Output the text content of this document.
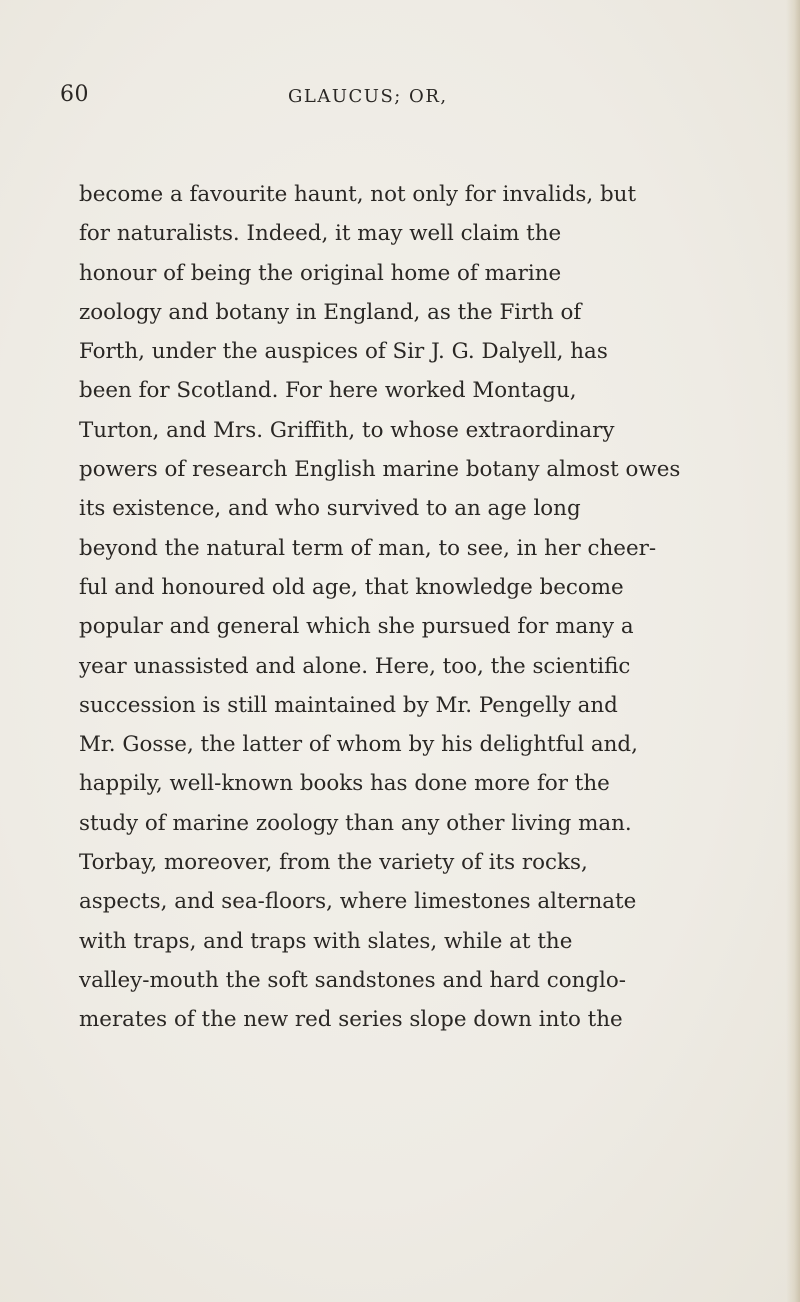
60	GLAUCUS; OR,
become a favourite haunt, not only for invalids, but
for naturalists. Indeed, it may well claim the
honour of being the original home of marine
zoology and botany in England, as the Firth of
Forth, under the auspices of Sir J. G. Dalyell, has
been for Scotland. For here worked Montagu,
Turton, and Mrs. Griffith, to whose extraordinary
powers of research English marine botany almost owes
its existence, and who survived to an age long
beyond the natural term of man, to see, in her cheer-
ful and honoured old age, that knowledge become
popular and general which she pursued for many a
year unassisted and alone. Here, too, the scientific
succession is still maintained by Mr. Pengelly and
Mr. Gosse, the latter of whom by his delightful and,
happily, well-known books has done more for the
study of marine zoology than any other living man.
Torbay, moreover, from the variety of its rocks,
aspects, and sea-floors, where limestones alternate
with traps, and traps with slates, while at the
valley-mouth the soft sandstones and hard conglo-
merates of the new red series slope down into the
